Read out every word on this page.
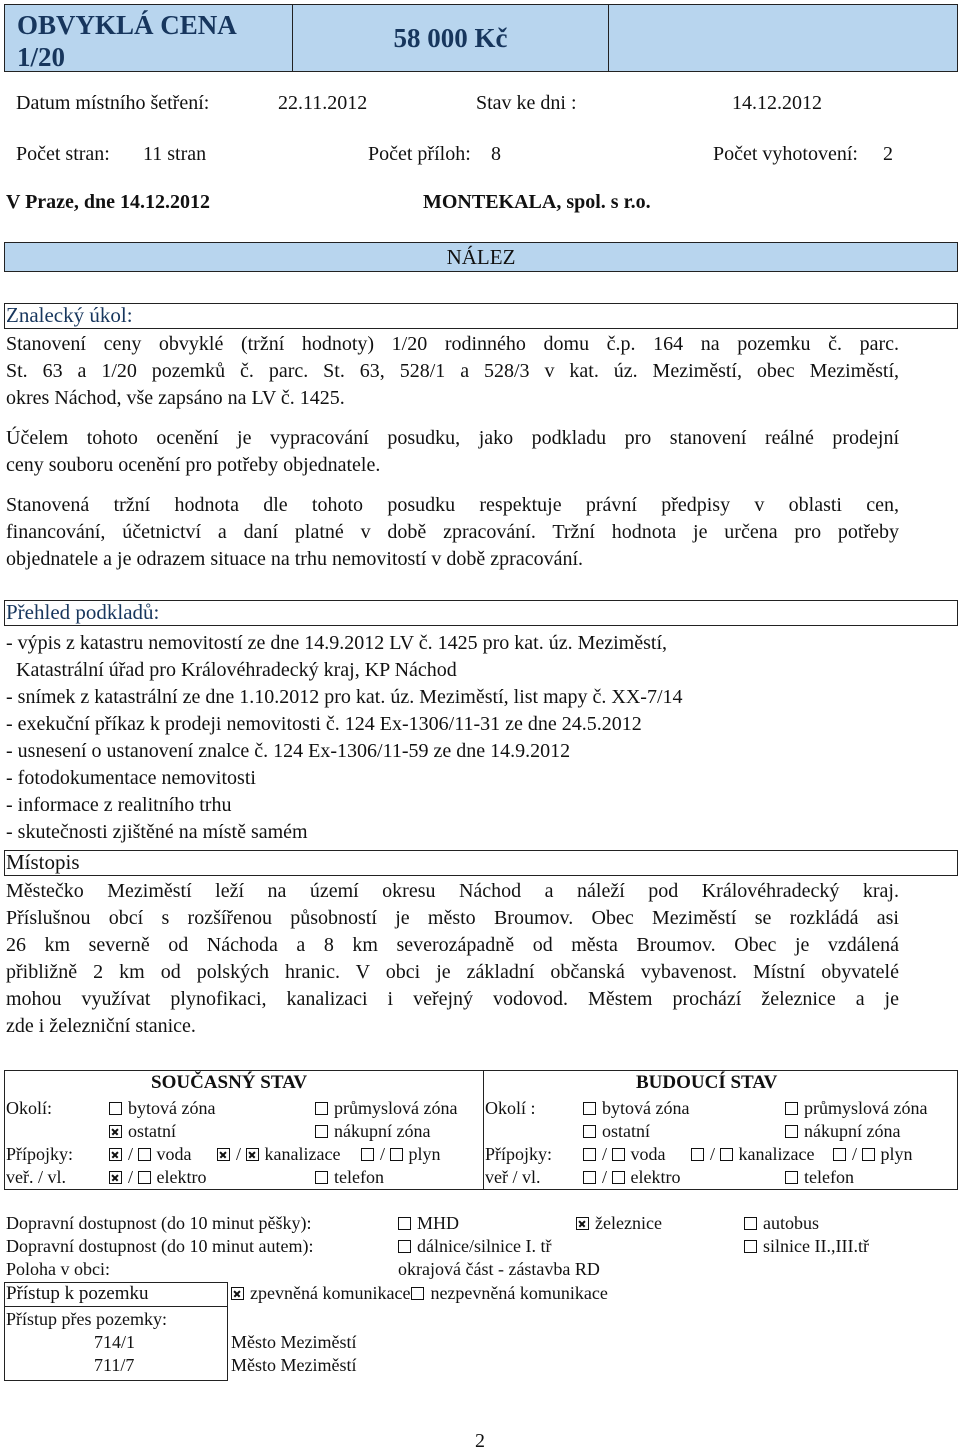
OBVYKLÁ CENA 1/20
58 000 Kč
Datum místního šetření:	22.11.2012	Stav ke dni :	14.12.2012
Počet stran: 11 stran	Počet příloh: 8	Počet vyhotovení: 2
V Praze, dne 14.12.2012	MONTEKALA, spol. s r.o.
NÁLEZ
Znalecký úkol:
Stanovení ceny obvyklé (tržní hodnoty) 1/20 rodinného domu č.p. 164 na pozemku č. parc.
St. 63 a 1/20 pozemků č. parc. St. 63, 528/1 a 528/3 v kat. úz. Meziměstí, obec Meziměstí,
okres Náchod, vše zapsáno na LV č. 1425.
Účelem tohoto ocenění je vypracování posudku, jako podkladu pro stanovení reálné prodejní
ceny souboru ocenění pro potřeby objednatele.
Stanovená tržní hodnota dle tohoto posudku respektuje právní předpisy v oblasti cen,
financování, účetnictví a daní platné v době zpracování. Tržní hodnota je určena pro potřeby
objednatele a je odrazem situace na trhu nemovitostí v době zpracování.
Přehled podkladů:
- výpis z katastru nemovitostí ze dne 14.9.2012 LV č. 1425 pro kat. úz. Meziměstí,
Katastrální úřad pro Královéhradecký kraj, KP Náchod
- snímek z katastrální ze dne 1.10.2012 pro kat. úz. Meziměstí, list mapy č. XX-7/14
- exekuční příkaz k prodeji nemovitosti č. 124 Ex-1306/11-31 ze dne 24.5.2012
- usnesení o ustanovení znalce č. 124 Ex-1306/11-59 ze dne 14.9.2012
- fotodokumentace nemovitosti
- informace z realitního trhu
- skutečnosti zjištěné na místě samém
Místopis
Městečko Meziměstí leží na území okresu Náchod a náleží pod Královéhradecký kraj.
Příslušnou obcí s rozšířenou působností je město Broumov. Obec Meziměstí se rozkládá asi
26 km severně od Náchoda a 8 km severozápadně od města Broumov. Obec je vzdálená
přibližně 2 km od polských hranic. V obci je základní občanská vybavenost. Místní obyvatelé
mohou využívat plynofikaci, kanalizaci i veřejný vodovod. Městem prochází železnice a je
zde i železniční stanice.
SOUČASNÝ STAV
Okolí:	bytová zóna	průmyslová zóna
ostatní	nákupní zóna
Přípojky:	/ voda	/ kanalizace	/ plyn
veř. / vl.	/ elektro	telefon
BUDOUCÍ STAV
Okolí :	bytová zóna	průmyslová zóna
ostatní	nákupní zóna
Přípojky:	/ voda	/ kanalizace	/ plyn
veř / vl.	/ elektro	telefon
Dopravní dostupnost (do 10 minut pěšky):	MHD	železnice	autobus
Dopravní dostupnost (do 10 minut autem):	dálnice/silnice I. tř	silnice II.,III.tř
Poloha v obci:	okrajová část - zástavba RD
Přístup k pozemku	zpevněná komunikace nezpevněná komunikace
Přístup přes pozemky:
714/1	Město Meziměstí
711/7	Město Meziměstí
2
